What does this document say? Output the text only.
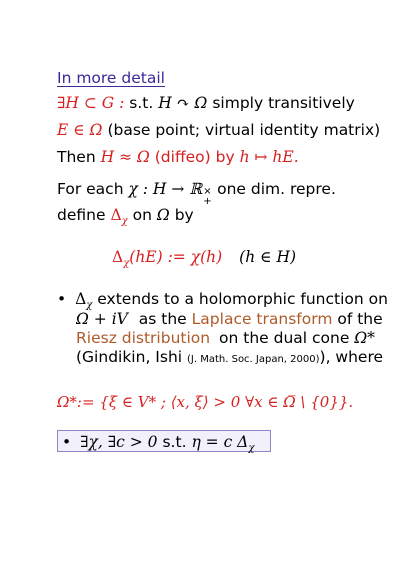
In more detail
∃H ⊂ G : s.t. H ↷ Ω simply transitively
E ∈ Ω (base point; virtual identity matrix)
Then H ≈ Ω (diffeo) by h ↦ hE.
For each χ : H → ℝ ×
+
one dim. repre.
define $\Delta_\chi$ on Ω by
$\Delta_\chi(hE)$ := χ(h) (h ∈ H)
• $\Delta_\chi$ extends to a holomorphic function on
Ω + iV as the Laplace transform of the
Riesz distribution on the dual cone Ω*
(Gindikin, Ishi (J. Math. Soc. Japan, 2000)), where
Ω*:= {ξ ∈ V* ; ⟨x, ξ⟩ > 0 ∀x ∈ Ω̅ \ {0}}.
• ∃χ, ∃c > 0 s.t. η = c $\Delta_\chi$
